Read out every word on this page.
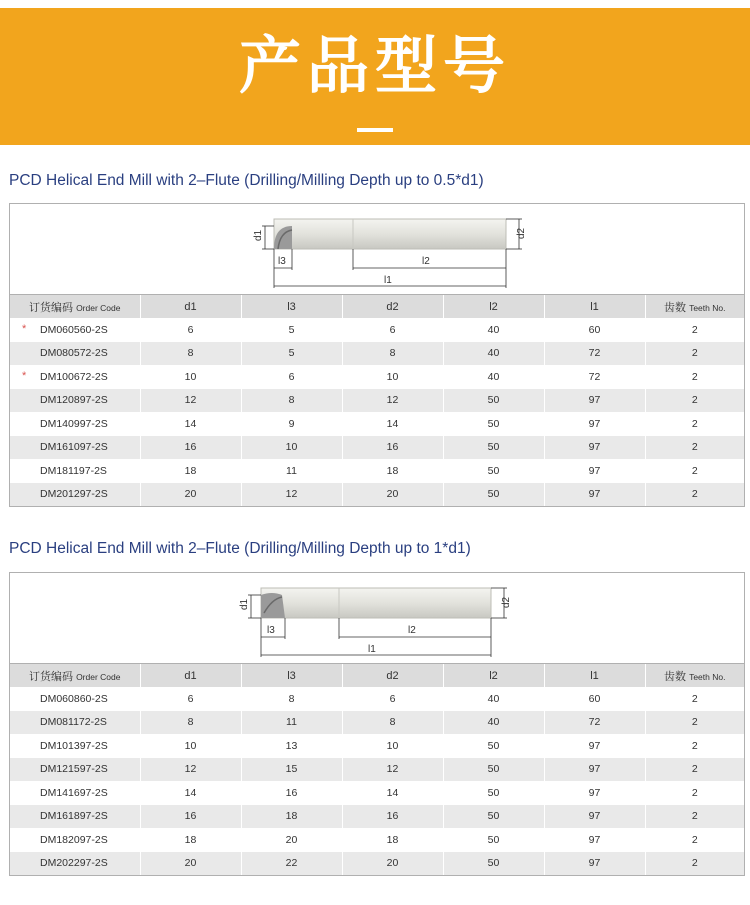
产品型号
PCD Helical End Mill with 2–Flute (Drilling/Milling Depth up to 0.5*d1)
d1	d2
l3	l2
l1
订货编码 Order Code	d1	l3	d2	l2	l1	齿数 Teeth No.

* DM060560-2S	6	5	6	40	60	2
DM080572-2S	8	5	8	40	72	2

* DM100672-2S	10	6	10	40	72	2
DM120897-2S	12	8	12	50	97	2
DM140997-2S	14	9	14	50	97	2
DM161097-2S	16	10	16	50	97	2
DM181197-2S	18	11	18	50	97	2
DM201297-2S	20	12	20	50	97	2
PCD Helical End Mill with 2–Flute (Drilling/Milling Depth up to 1*d1)
d1	d2
l3	l2
l1
订货编码 Order Code	d1	l3	d2	l2	l1	齿数 Teeth No.
DM060860-2S	6	8	6	40	60	2
DM081172-2S	8	11	8	40	72	2
DM101397-2S	10	13	10	50	97	2
DM121597-2S	12	15	12	50	97	2
DM141697-2S	14	16	14	50	97	2
DM161897-2S	16	18	16	50	97	2
DM182097-2S	18	20	18	50	97	2
DM202297-2S	20	22	20	50	97	2
